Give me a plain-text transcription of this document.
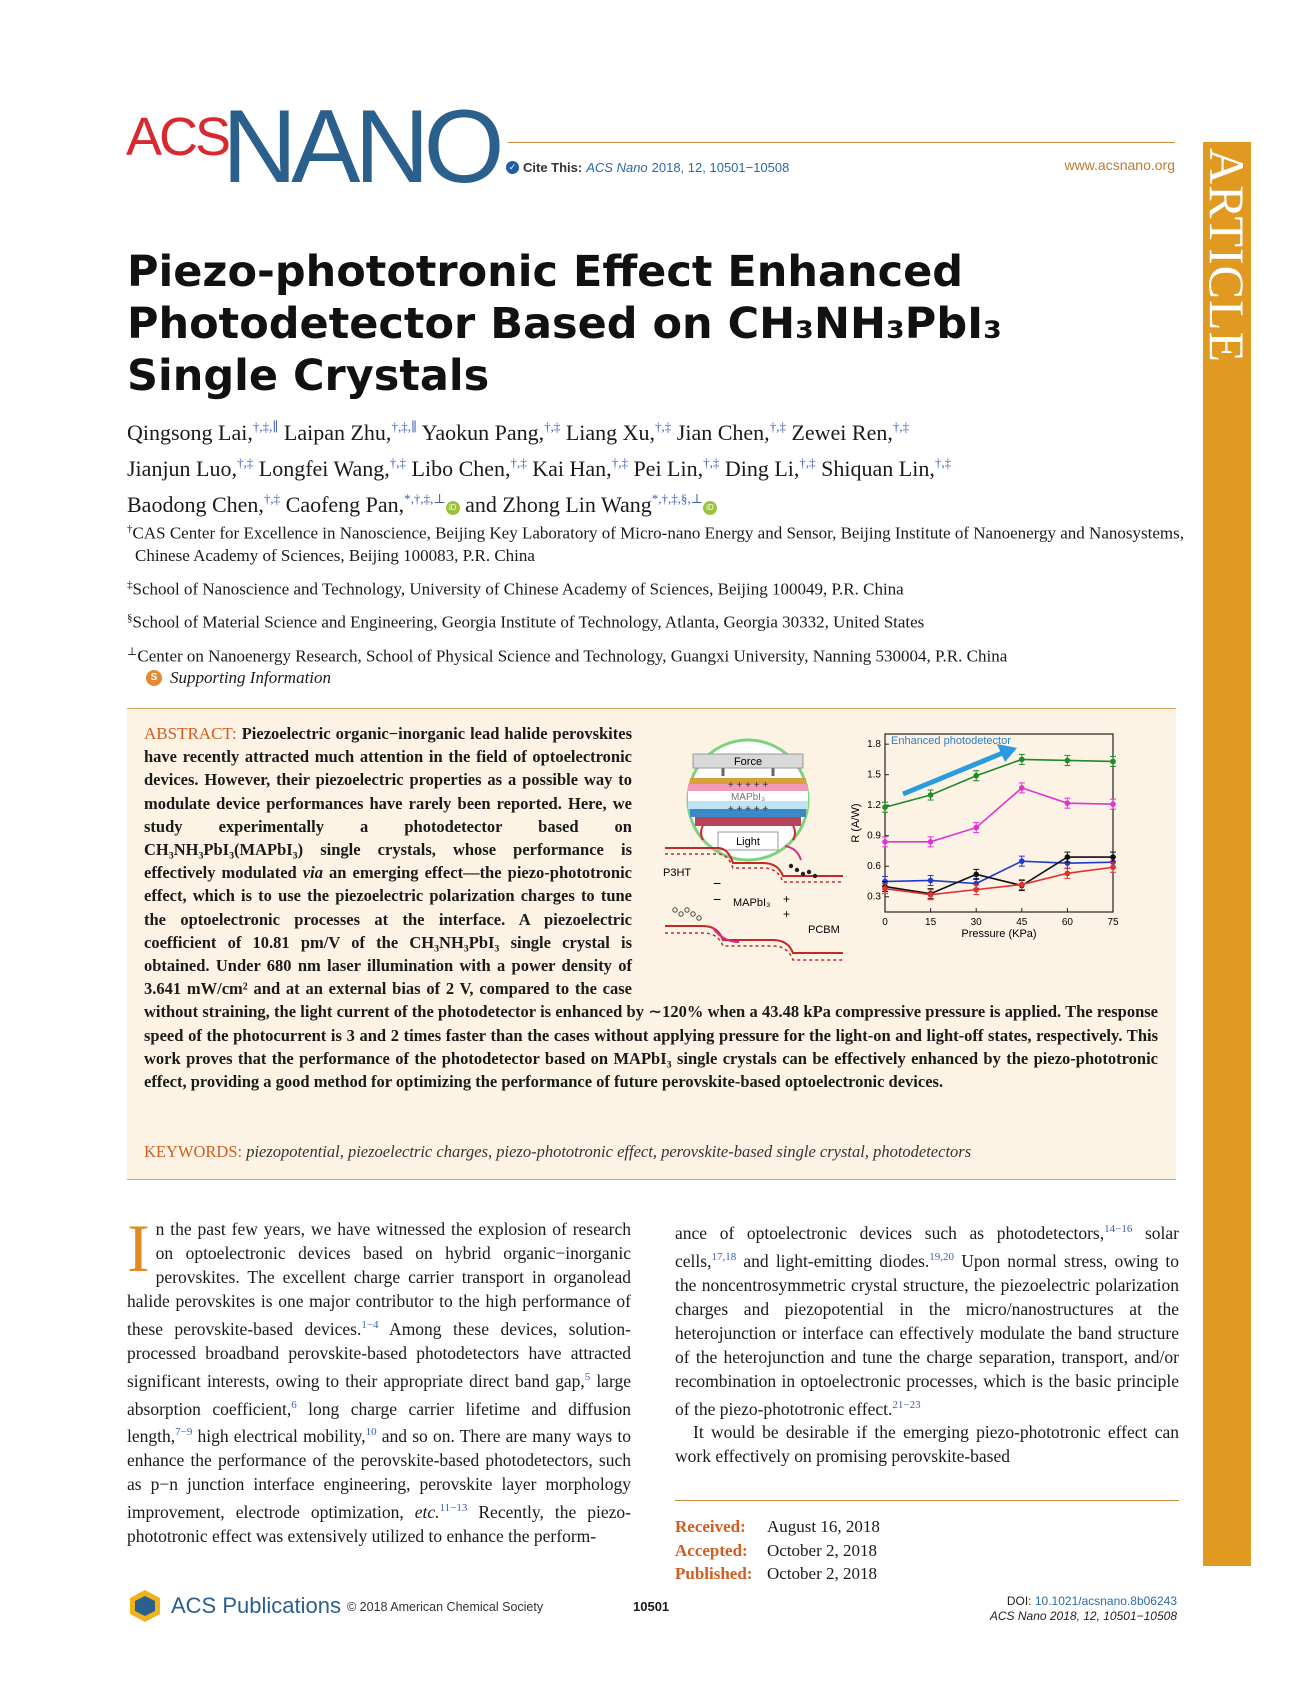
ACS
NANO	✓ Cite This: ACS Nano 2018, 12, 10501−10508	www.acsnano.org ARTICLE
Piezo-phototronic Effect Enhanced Photodetector Based on CH₃NH₃PbI₃ Single Crystals
Qingsong Lai,†,‡,∥ Laipan Zhu,†,‡,∥ Yaokun Pang,†,‡ Liang Xu,†,‡ Jian Chen,†,‡ Zewei Ren,†,‡
Jianjun Luo,†,‡ Longfei Wang,†,‡ Libo Chen,†,‡ Kai Han,†,‡ Pei Lin,†,‡ Ding Li,†,‡ Shiquan Lin,†,‡
Baodong Chen,†,‡ Caofeng Pan,*,†,‡,⊥iD and Zhong Lin Wang*,†,‡,§,⊥iD

†CAS Center for Excellence in Nanoscience, Beijing Key Laboratory of Micro-nano Energy and Sensor, Beijing Institute of Nanoenergy and Nanosystems, Chinese Academy of Sciences, Beijing 100083, P.R. China

‡School of Nanoscience and Technology, University of Chinese Academy of Sciences, Beijing 100049, P.R. China

§School of Material Science and Engineering, Georgia Institute of Technology, Atlanta, Georgia 30332, United States

⊥Center on Nanoenergy Research, School of Physical Science and Technology, Guangxi University, Nanning 530004, P.R. China

S Supporting Information
ABSTRACT: Piezoelectric organic−inorganic lead halide perovskites have recently attracted much attention in the field of optoelectronic devices. However, their piezoelectric properties as a possible way to modulate device performances have rarely been reported. Here, we study experimentally a photodetector based on CH₃NH₃PbI₃(MAPbI₃) single crystals, whose performance is effectively modulated via an emerging effect—the piezo-phototronic effect, which is to use the piezoelectric polarization charges to tune the optoelectronic processes at the interface. A piezoelectric coefficient of 10.81 pm/V of the CH₃NH₃PbI₃ single crystal is obtained. Under 680 nm laser illumination with a power density of 3.641 mW/cm² and at an external bias of 2 V, compared to the case without straining, the light current of the photodetector is enhanced by ∼120% when a 43.48 kPa compressive pressure is applied. The response speed of the photocurrent is 3 and 2 times faster than the cases without applying pressure for the light-on and light-off states, respectively. This work proves that the performance of the photodetector based on MAPbI₃ single crystals can be effectively enhanced by the piezo-phototronic effect, providing a good method for optimizing the performance of future perovskite-based optoelectronic devices.
KEYWORDS: piezopotential, piezoelectric charges, piezo-phototronic effect, perovskite-based single crystal, photodetectors
Force
+ + + + +
MAPbI₃
+ + + + +
Light
P3HT
MAPbI₃
PCBM
−
−	+
+
0	15	30	45	60	75
0.3
0.6
0.9
1.2
1.5
1.8
Pressure (KPa)
R (A/W)
Enhanced photodetector

In the past few years, we have witnessed the explosion of research on optoelectronic devices based on hybrid organic−inorganic perovskites. The excellent charge carrier transport in organolead halide perovskites is one major contributor to the high performance of these perovskite-based devices.$^{1-4}$ Among these devices, solution-processed broadband perovskite-based photodetectors have attracted significant interests, owing to their appropriate direct band gap,$^5$ large absorption coefficient,$^6$ long charge carrier lifetime and diffusion length,$^{7-9}$ high electrical mobility,$^{10}$ and so on. There are many ways to enhance the performance of the perovskite-based photodetectors, such as p−n junction interface engineering, perovskite layer morphology improvement, electrode optimization, etc.$^{11-13}$ Recently, the piezo-phototronic effect was extensively utilized to enhance the perform-

ance of optoelectronic devices such as photodetectors,$^{14-16}$ solar cells,$^{17,18}$ and light-emitting diodes.$^{19,20}$ Upon normal stress, owing to the noncentrosymmetric crystal structure, the piezoelectric polarization charges and piezopotential in the micro/nanostructures at the heterojunction or interface can effectively modulate the band structure of the heterojunction and tune the charge separation, transport, and/or recombination in optoelectronic processes, which is the basic principle of the piezo-phototronic effect.$^{21-23}$

It would be desirable if the emerging piezo-phototronic effect can work effectively on promising perovskite-based

Received:	August 16, 2018
Accepted:	October 2, 2018
Published: October 2, 2018
ACS Publications © 2018 American Chemical Society	10501	DOI: 10.1021/acsnano.8b06243
ACS Nano 2018, 12, 10501−10508
